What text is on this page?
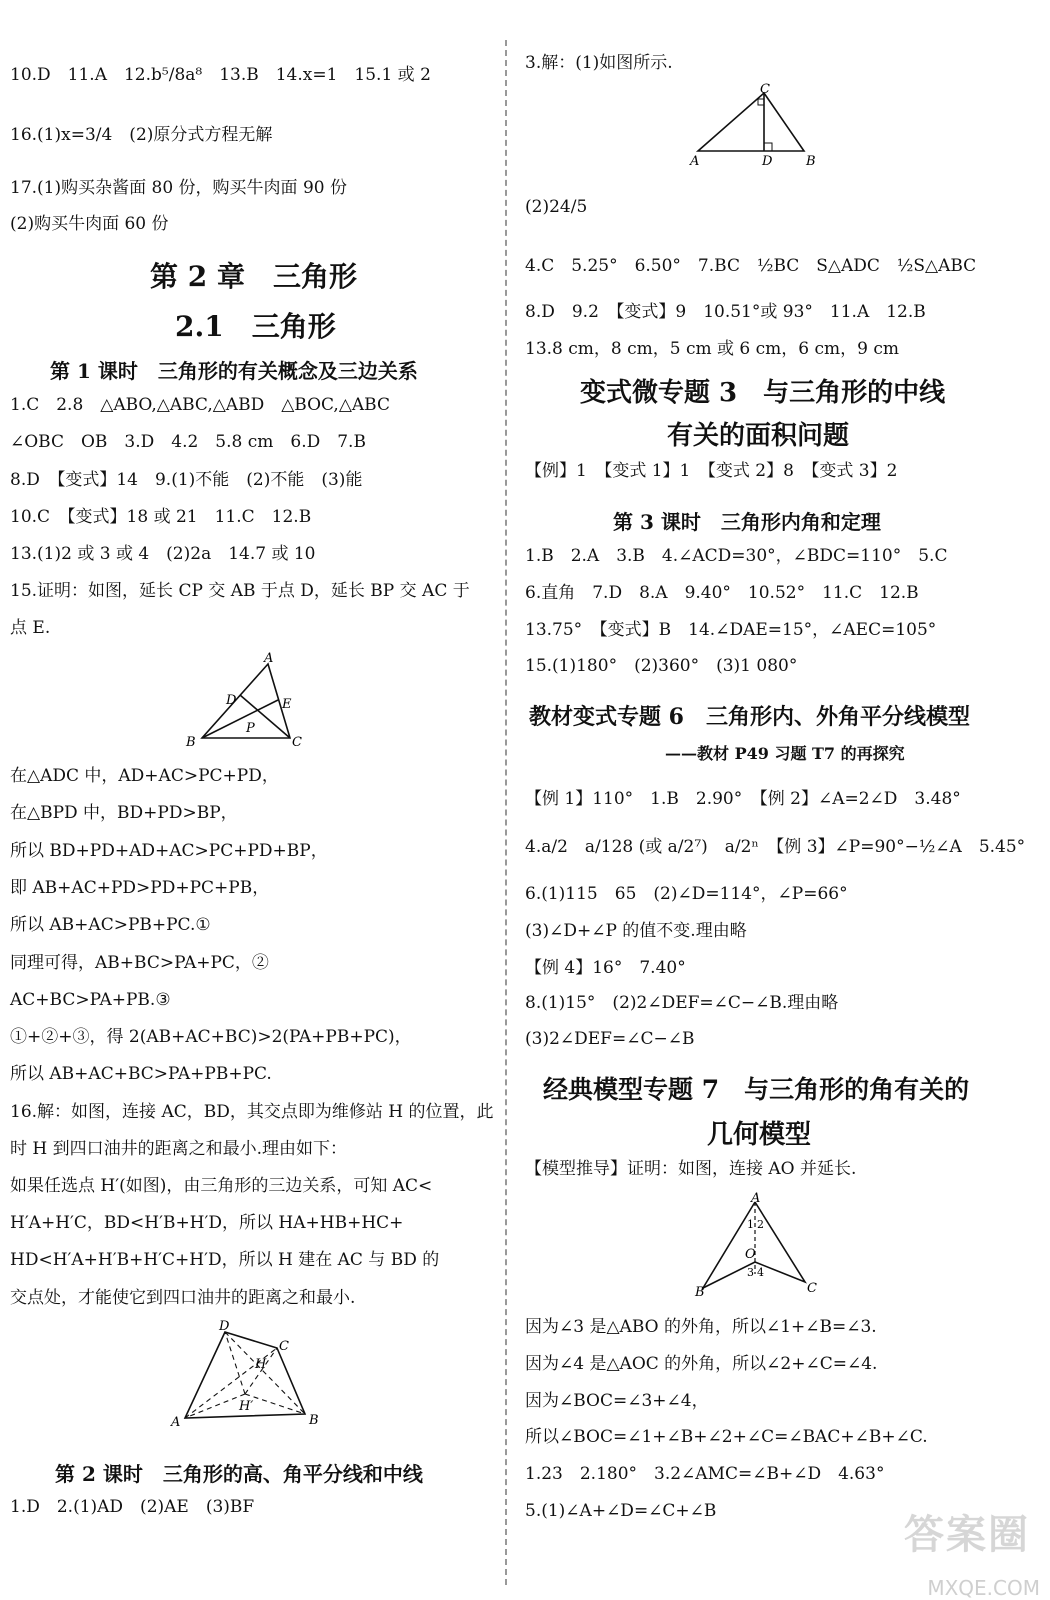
10.D　11.A　12.b⁵/8a⁸　13.B　14.x=1　15.1 或 2
16.(1)x=3/4　(2)原分式方程无解
17.(1)购买杂酱面 80 份，购买牛肉面 90 份
(2)购买牛肉面 60 份
第 2 章　三角形
2.1　三角形
第 1 课时　三角形的有关概念及三边关系
1.C　2.8　△ABO,△ABC,△ABD　△BOC,△ABC
∠OBC　OB　3.D　4.2　5.8 cm　6.D　7.B
8.D　【变式】14　9.(1)不能　(2)不能　(3)能
10.C　【变式】18 或 21　11.C　12.B
13.(1)2 或 3 或 4　(2)2a　14.7 或 10
15.证明：如图，延长 CP 交 AB 于点 D，延长 BP 交 AC 于
点 E.
A
B	C
D	E
P
在△ADC 中，AD+AC>PC+PD，
在△BPD 中，BD+PD>BP，
所以 BD+PD+AD+AC>PC+PD+BP，
即 AB+AC+PD>PD+PC+PB，
所以 AB+AC>PB+PC.①
同理可得，AB+BC>PA+PC，②
AC+BC>PA+PB.③
①+②+③，得 2(AB+AC+BC)>2(PA+PB+PC)，
所以 AB+AC+BC>PA+PB+PC.
16.解：如图，连接 AC，BD，其交点即为维修站 H 的位置，此
时 H 到四口油井的距离之和最小.理由如下：
如果任选点 H′(如图)，由三角形的三边关系，可知 AC<
H′A+H′C，BD<H′B+H′D，所以 HA+HB+HC+
HD<H′A+H′B+H′C+H′D，所以 H 建在 AC 与 BD 的
交点处，才能使它到四口油井的距离之和最小.
D
C
A	B
H
H′
第 2 课时　三角形的高、角平分线和中线
1.D　2.(1)AD　(2)AE　(3)BF
3.解：(1)如图所示.
C
A	D	B
(2)24/5
4.C　5.25°　6.50°　7.BC　½BC　S△ADC　½S△ABC
8.D　9.2　【变式】9　10.51°或 93°　11.A　12.B
13.8 cm，8 cm，5 cm 或 6 cm，6 cm，9 cm
变式微专题 3　与三角形的中线
有关的面积问题
【例】1　【变式 1】1　【变式 2】8　【变式 3】2
第 3 课时　三角形内角和定理
1.B　2.A　3.B　4.∠ACD=30°，∠BDC=110°　5.C
6.直角　7.D　8.A　9.40°　10.52°　11.C　12.B
13.75°　【变式】B　14.∠DAE=15°，∠AEC=105°
15.(1)180°　(2)360°　(3)1 080°
教材变式专题 6　三角形内、外角平分线模型
——教材 P49 习题 T7 的再探究
【例 1】110°　1.B　2.90°　【例 2】∠A=2∠D　3.48°
4.a/2　a/128 (或 a/2⁷)　a/2ⁿ　【例 3】∠P=90°−½∠A　5.45°
6.(1)115　65　(2)∠D=114°，∠P=66°
(3)∠D+∠P 的值不变.理由略
【例 4】16°　7.40°
8.(1)15°　(2)2∠DEF=∠C−∠B.理由略
(3)2∠DEF=∠C−∠B
经典模型专题 7　与三角形的角有关的
几何模型
【模型推导】证明：如图，连接 AO 并延长.
A
B	C
O
1 2
3 4
因为∠3 是△ABO 的外角，所以∠1+∠B=∠3.
因为∠4 是△AOC 的外角，所以∠2+∠C=∠4.
因为∠BOC=∠3+∠4，
所以∠BOC=∠1+∠B+∠2+∠C=∠BAC+∠B+∠C.
1.23　2.180°　3.2∠AMC=∠B+∠D　4.63°
5.(1)∠A+∠D=∠C+∠B
答案圈
MXQE.COM
